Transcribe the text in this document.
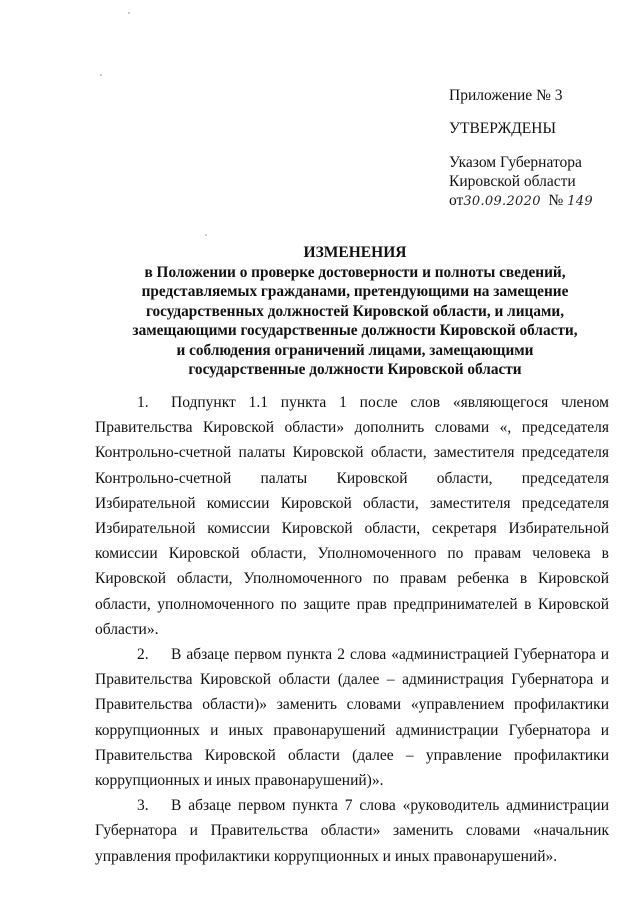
Приложение № 3
УТВЕРЖДЕНЫ
Указом Губернатора
Кировской области
от30.09.2020 № 149
ИЗМЕНЕНИЯ
в Положении о проверке достоверности и полноты сведений,
представляемых гражданами, претендующими на замещение
государственных должностей Кировской области, и лицами,
замещающими государственные должности Кировской области,
и соблюдения ограничений лицами, замещающими
государственные должности Кировской области

1. Подпункт 1.1 пункта 1 после слов «являющегося членом Правительства Кировской области» дополнить словами «, председателя Контрольно-счетной палаты Кировской области, заместителя председателя Контрольно-счетной палаты Кировской области, председателя Избирательной комиссии Кировской области, заместителя председателя Избирательной комиссии Кировской области, секретаря Избирательной комиссии Кировской области, Уполномоченного по правам человека в Кировской области, Уполномоченного по правам ребенка в Кировской области, уполномоченного по защите прав предпринимателей в Кировской области».

2. В абзаце первом пункта 2 слова «администрацией Губернатора и Правительства Кировской области (далее – администрация Губернатора и Правительства области)» заменить словами «управлением профилактики коррупционных и иных правонарушений администрации Губернатора и Правительства Кировской области (далее – управление профилактики коррупционных и иных правонарушений)».

3. В абзаце первом пункта 7 слова «руководитель администрации Губернатора и Правительства области» заменить словами «начальник управления профилактики коррупционных и иных правонарушений».
